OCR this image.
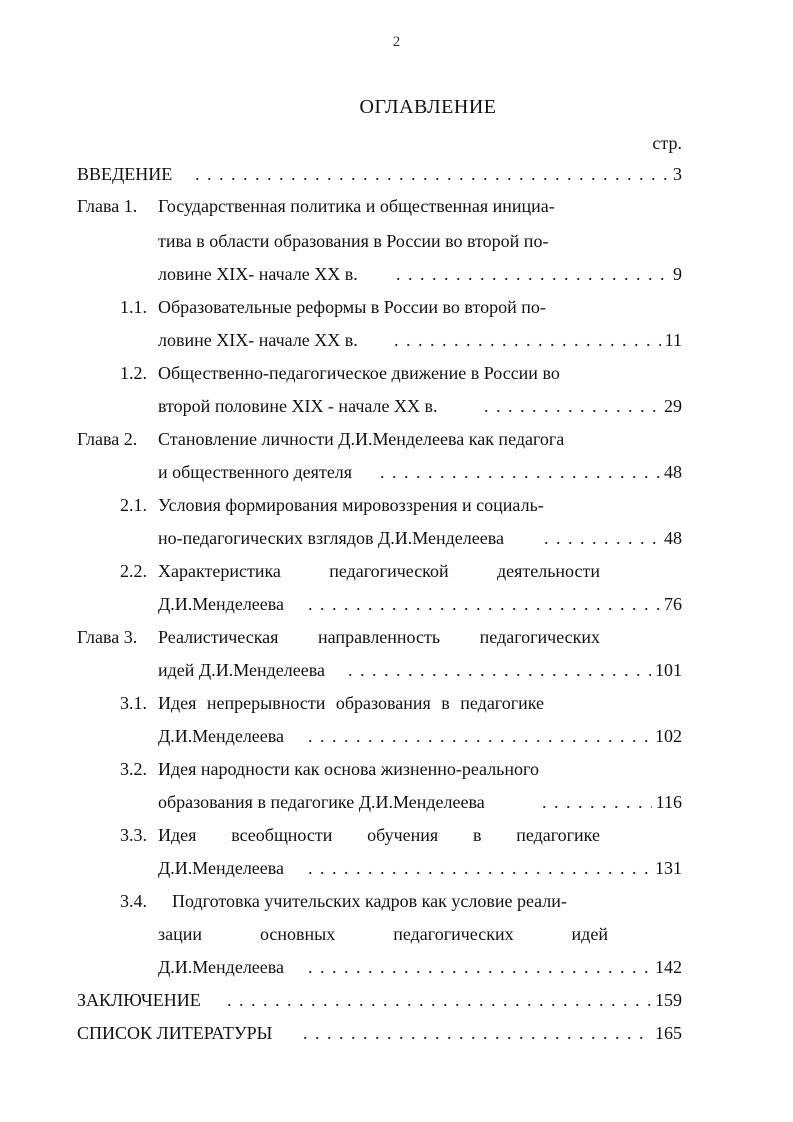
2
ОГЛАВЛЕНИЕ
стр.
ВВЕДЕНИЕ . . .	3
Глава 1. Государственная политика и общественная инициа-
тива в области образования в России во второй по-
ловине XIX- начале XX в. . . .	9
1.1. Образовательные реформы в России во второй по-
ловине XIX- начале XX в. . . .	11
1.2. Общественно-педагогическое движение в России во
второй половине XIX - начале XX в. . . .	29
Глава 2. Становление личности Д.И.Менделеева как педагога
и общественного деятеля . . .	48
2.1. Условия формирования мировоззрения и социаль-
но-педагогических взглядов Д.И.Менделеева . . .	48
2.2. Характеристика	педагогической	деятельности
Д.И.Менделеева . . .	76
Глава 3. Реалистическая направленность педагогических
идей Д.И.Менделеева . . .	101
3.1. Идея непрерывности образования в педагогике
Д.И.Менделеева . . .	102
3.2. Идея народности как основа жизненно-реального
образования в педагогике Д.И.Менделеева . . .	116
3.3. Идея всеобщности обучения в педагогике
Д.И.Менделеева . . .	131
3.4. Подготовка учительских кадров как условие реали-
зации	основных	педагогических	идей
Д.И.Менделеева . . .	142
ЗАКЛЮЧЕНИЕ . . .	159
СПИСОК ЛИТЕРАТУРЫ . . .	165
